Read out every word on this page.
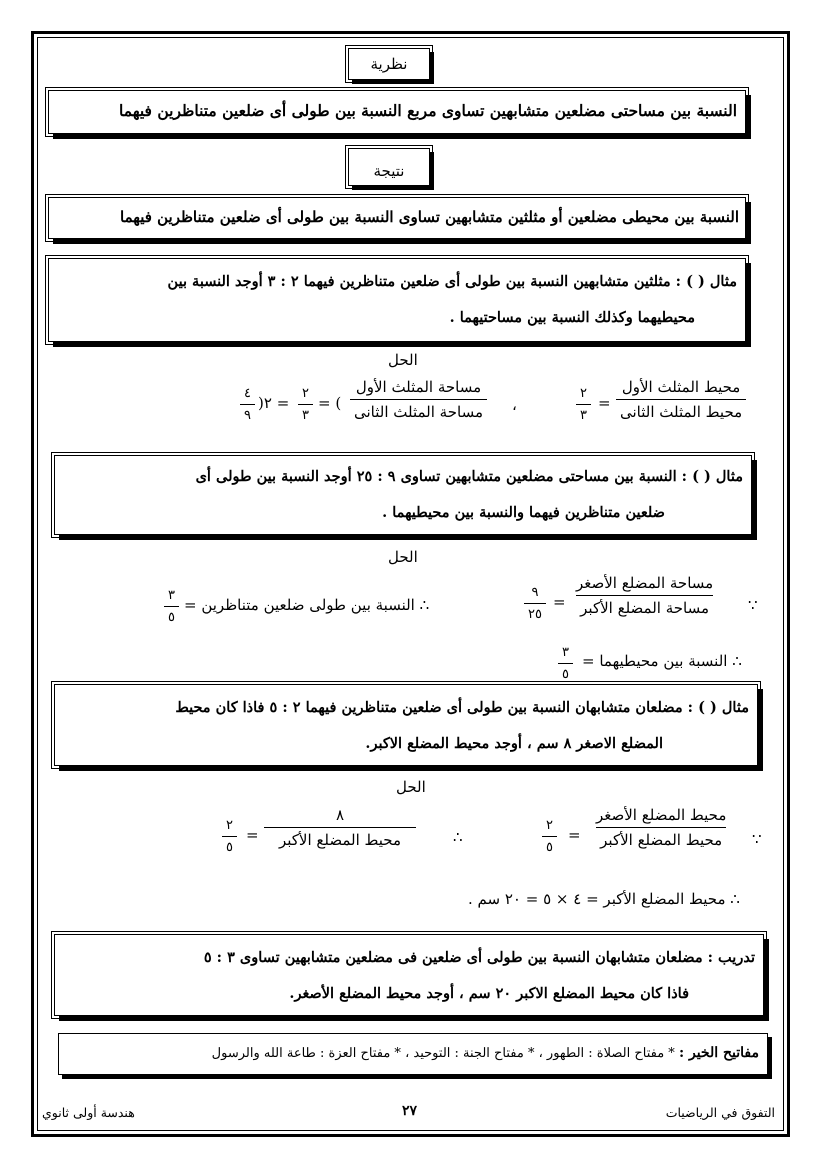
نظرية
النسبة بين مساحتى مضلعين متشابهين تساوى مربع النسبة بين طولى أى ضلعين متناظرين فيهما
نتيجة
النسبة بين محيطى مضلعين أو مثلثين متشابهين تساوى النسبة بين طولى أى ضلعين متناظرين فيهما
مثال ( ) : مثلثين متشابهين النسبة بين طولى أى ضلعين متناظرين فيهما ٢ : ٣ أوجد النسبة بين
محيطيهما وكذلك النسبة بين مساحتيهما .
الحل
محيط المثلث الأول
محيط المثلث الثانى
=
٢
٣
،
مساحة المثلث الأول
مساحة المثلث الثانى
= (
٢
٣
)٢ =
٤
٩
مثال ( ) : النسبة بين مساحتى مضلعين متشابهين تساوى ٩ : ٢٥ أوجد النسبة بين طولى أى
ضلعين متناظرين فيهما والنسبة بين محيطيهما .
الحل
∵
مساحة المضلع الأصغر
مساحة المضلع الأكبر
=
٩
٢٥
∴ النسبة بين طولى ضلعين متناظرين =
٣
٥
∴ النسبة بين محيطيهما =
٣
٥
مثال ( ) : مضلعان متشابهان النسبة بين طولى أى ضلعين متناظرين فيهما ٢ : ٥ فاذا كان محيط
المضلع الاصغر ٨ سم ، أوجد محيط المضلع الاكبر.
الحل
∵
محيط المضلع الأصغر
محيط المضلع الأكبر
=
٢
٥
∴
٨
محيط المضلع الأكبر
=
٢
٥
∴ محيط المضلع الأكبر = ٤ × ٥ = ٢٠ سم .
تدريب : مضلعان متشابهان النسبة بين طولى أى ضلعين فى مضلعين متشابهين تساوى ٣ : ٥
فاذا كان محيط المضلع الاكبر ٢٠ سم ، أوجد محيط المضلع الأصغر.
مفاتيح الخير : * مفتاح الصلاة : الطهور ، * مفتاح الجنة : التوحيد ، * مفتاح العزة : طاعة الله والرسول
التفوق في الرياضيات
٢٧
هندسة أولى ثانوي
